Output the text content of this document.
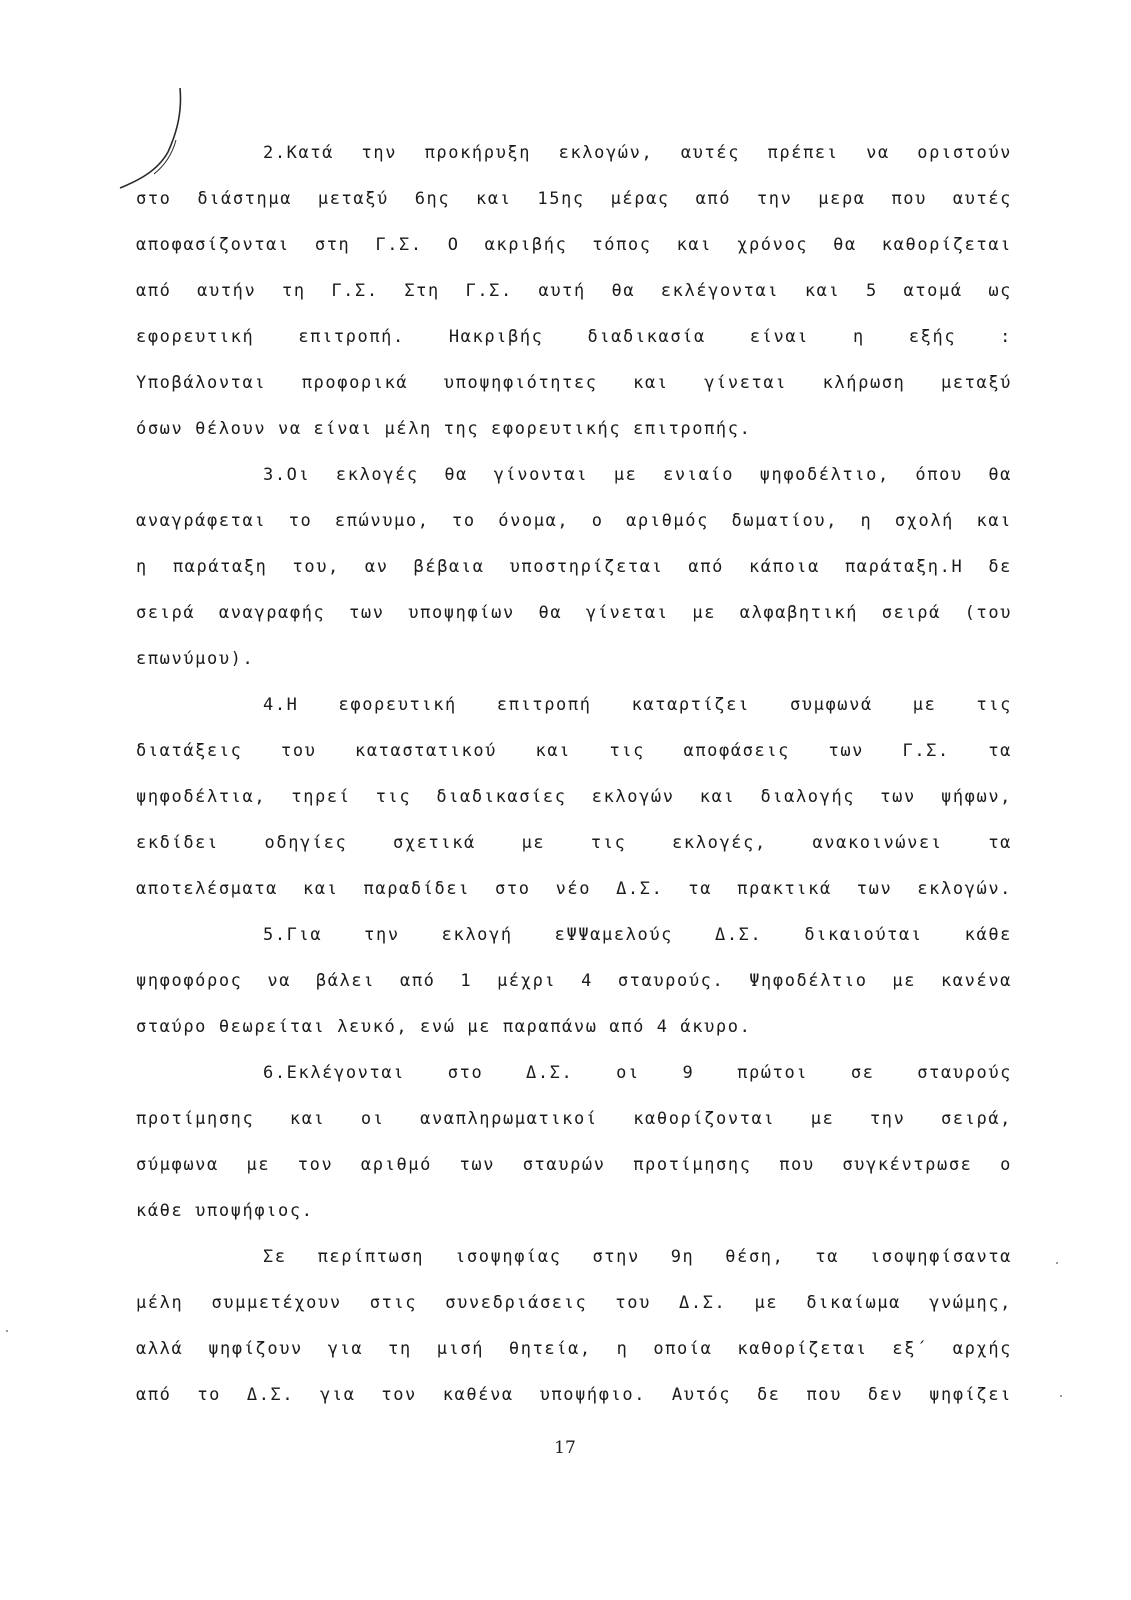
2.Κατά την προκήρυξη εκλογών, αυτές πρέπει να οριστούν
στο διάστημα μεταξύ 6ης και 15ης μέρας από την μερα που αυτές
αποφασίζονται στη Γ.Σ. Ο ακριβής τόπος και χρόνος θα καθορίζεται
από αυτήν τη Γ.Σ. Στη Γ.Σ. αυτή θα εκλέγονται και 5 ατομά ως
εφορευτική επιτροπή. Ηακριβής διαδικασία είναι η εξής :
Υποβάλονται προφορικά υποψηφιότητες και γίνεται κλήρωση μεταξύ
όσων θέλουν να είναι μέλη της εφορευτικής επιτροπής.
3.Οι εκλογές θα γίνονται με ενιαίο ψηφοδέλτιο, όπου θα
αναγράφεται το επώνυμο, το όνομα, ο αριθμός δωματίου, η σχολή και
η παράταξη του, αν βέβαια υποστηρίζεται από κάποια παράταξη.Η δε
σειρά αναγραφής των υποψηφίων θα γίνεται με αλφαβητική σειρά (του
επωνύμου).
4.Η εφορευτική επιτροπή καταρτίζει συμφωνά με τις
διατάξεις του καταστατικού και τις αποφάσεις των Γ.Σ. τα
ψηφοδέλτια, τηρεί τις διαδικασίες εκλογών και διαλογής των ψήφων,
εκδίδει οδηγίες σχετικά με τις εκλογές, ανακοινώνει τα
αποτελέσματα και παραδίδει στο νέο Δ.Σ. τα πρακτικά των εκλογών.
5.Για την εκλογή εΨΨαμελούς Δ.Σ. δικαιούται κάθε
ψηφοφόρος να βάλει από 1 μέχρι 4 σταυρούς. Ψηφοδέλτιο με κανένα
σταύρο θεωρείται λευκό, ενώ με παραπάνω από 4 άκυρο.
6.Εκλέγονται στο Δ.Σ. οι 9 πρώτοι σε σταυρούς
προτίμησης και οι αναπληρωματικοί καθορίζονται με την σειρά,
σύμφωνα με τον αριθμό των σταυρών προτίμησης που συγκέντρωσε ο
κάθε υποψήφιος.
Σε περίπτωση ισοψηφίας στην 9η θέση, τα ισοψηφίσαντα
μέλη συμμετέχουν στις συνεδριάσεις του Δ.Σ. με δικαίωμα γνώμης,
αλλά ψηφίζουν για τη μισή θητεία, η οποία καθορίζεται εξ΄ αρχής
από το Δ.Σ. για τον καθένα υποψήφιο. Αυτός δε που δεν ψηφίζει
17
